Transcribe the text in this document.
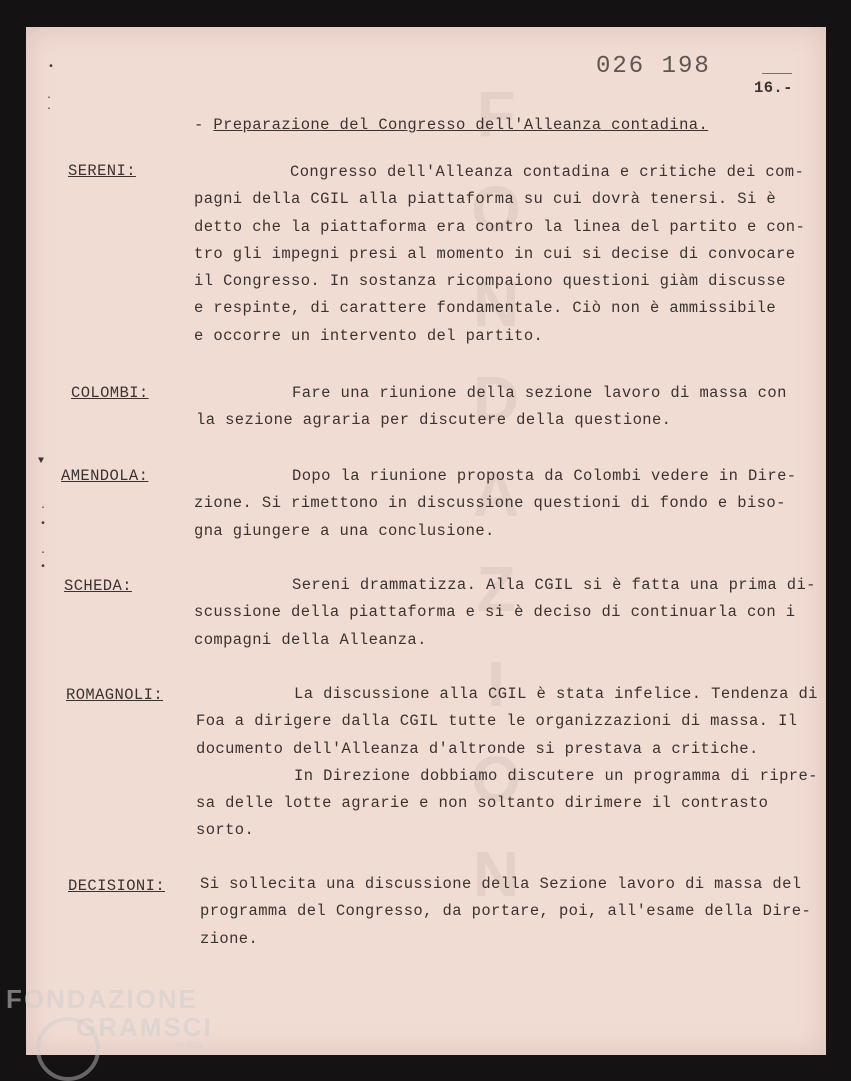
F
O
N
D
A
Z
I
O
N
026 198
16.-
•
·
·
▼
·
•
·
•
- Preparazione del Congresso dell'Alleanza contadina.
SERENI:	Congresso dell'Alleanza contadina e critiche dei com-
pagni della CGIL alla piattaforma su cui dovrà tenersi. Si è
detto che la piattaforma era contro la linea del partito e con-
tro gli impegni presi al momento in cui si decise di convocare
il Congresso. In sostanza ricompaiono questioni giàm discusse
e respinte, di carattere fondamentale. Ciò non è ammissibile
e occorre un intervento del partito.
COLOMBI:	Fare una riunione della sezione lavoro di massa con
la sezione agraria per discutere della questione.
AMENDOLA:	Dopo la riunione proposta da Colombi vedere in Dire-
zione. Si rimettono in discussione questioni di fondo e biso-
gna giungere a una conclusione.
SCHEDA:	Sereni drammatizza. Alla CGIL si è fatta una prima di-
scussione della piattaforma e si è deciso di continuarla con i
compagni della Alleanza.
ROMAGNOLI:	La discussione alla CGIL è stata infelice. Tendenza di
Foa a dirigere dalla CGIL tutte le organizzazioni di massa. Il
documento dell'Alleanza d'altronde si prestava a critiche.
In Direzione dobbiamo discutere un programma di ripre-
sa delle lotte agrarie e non soltanto dirimere il contrasto
sorto.
DECISIONI: Si sollecita una discussione della Sezione lavoro di massa del
programma del Congresso, da portare, poi, all'esame della Dire-
zione.
FONDAZIONE
GRAMSCI
onlus
